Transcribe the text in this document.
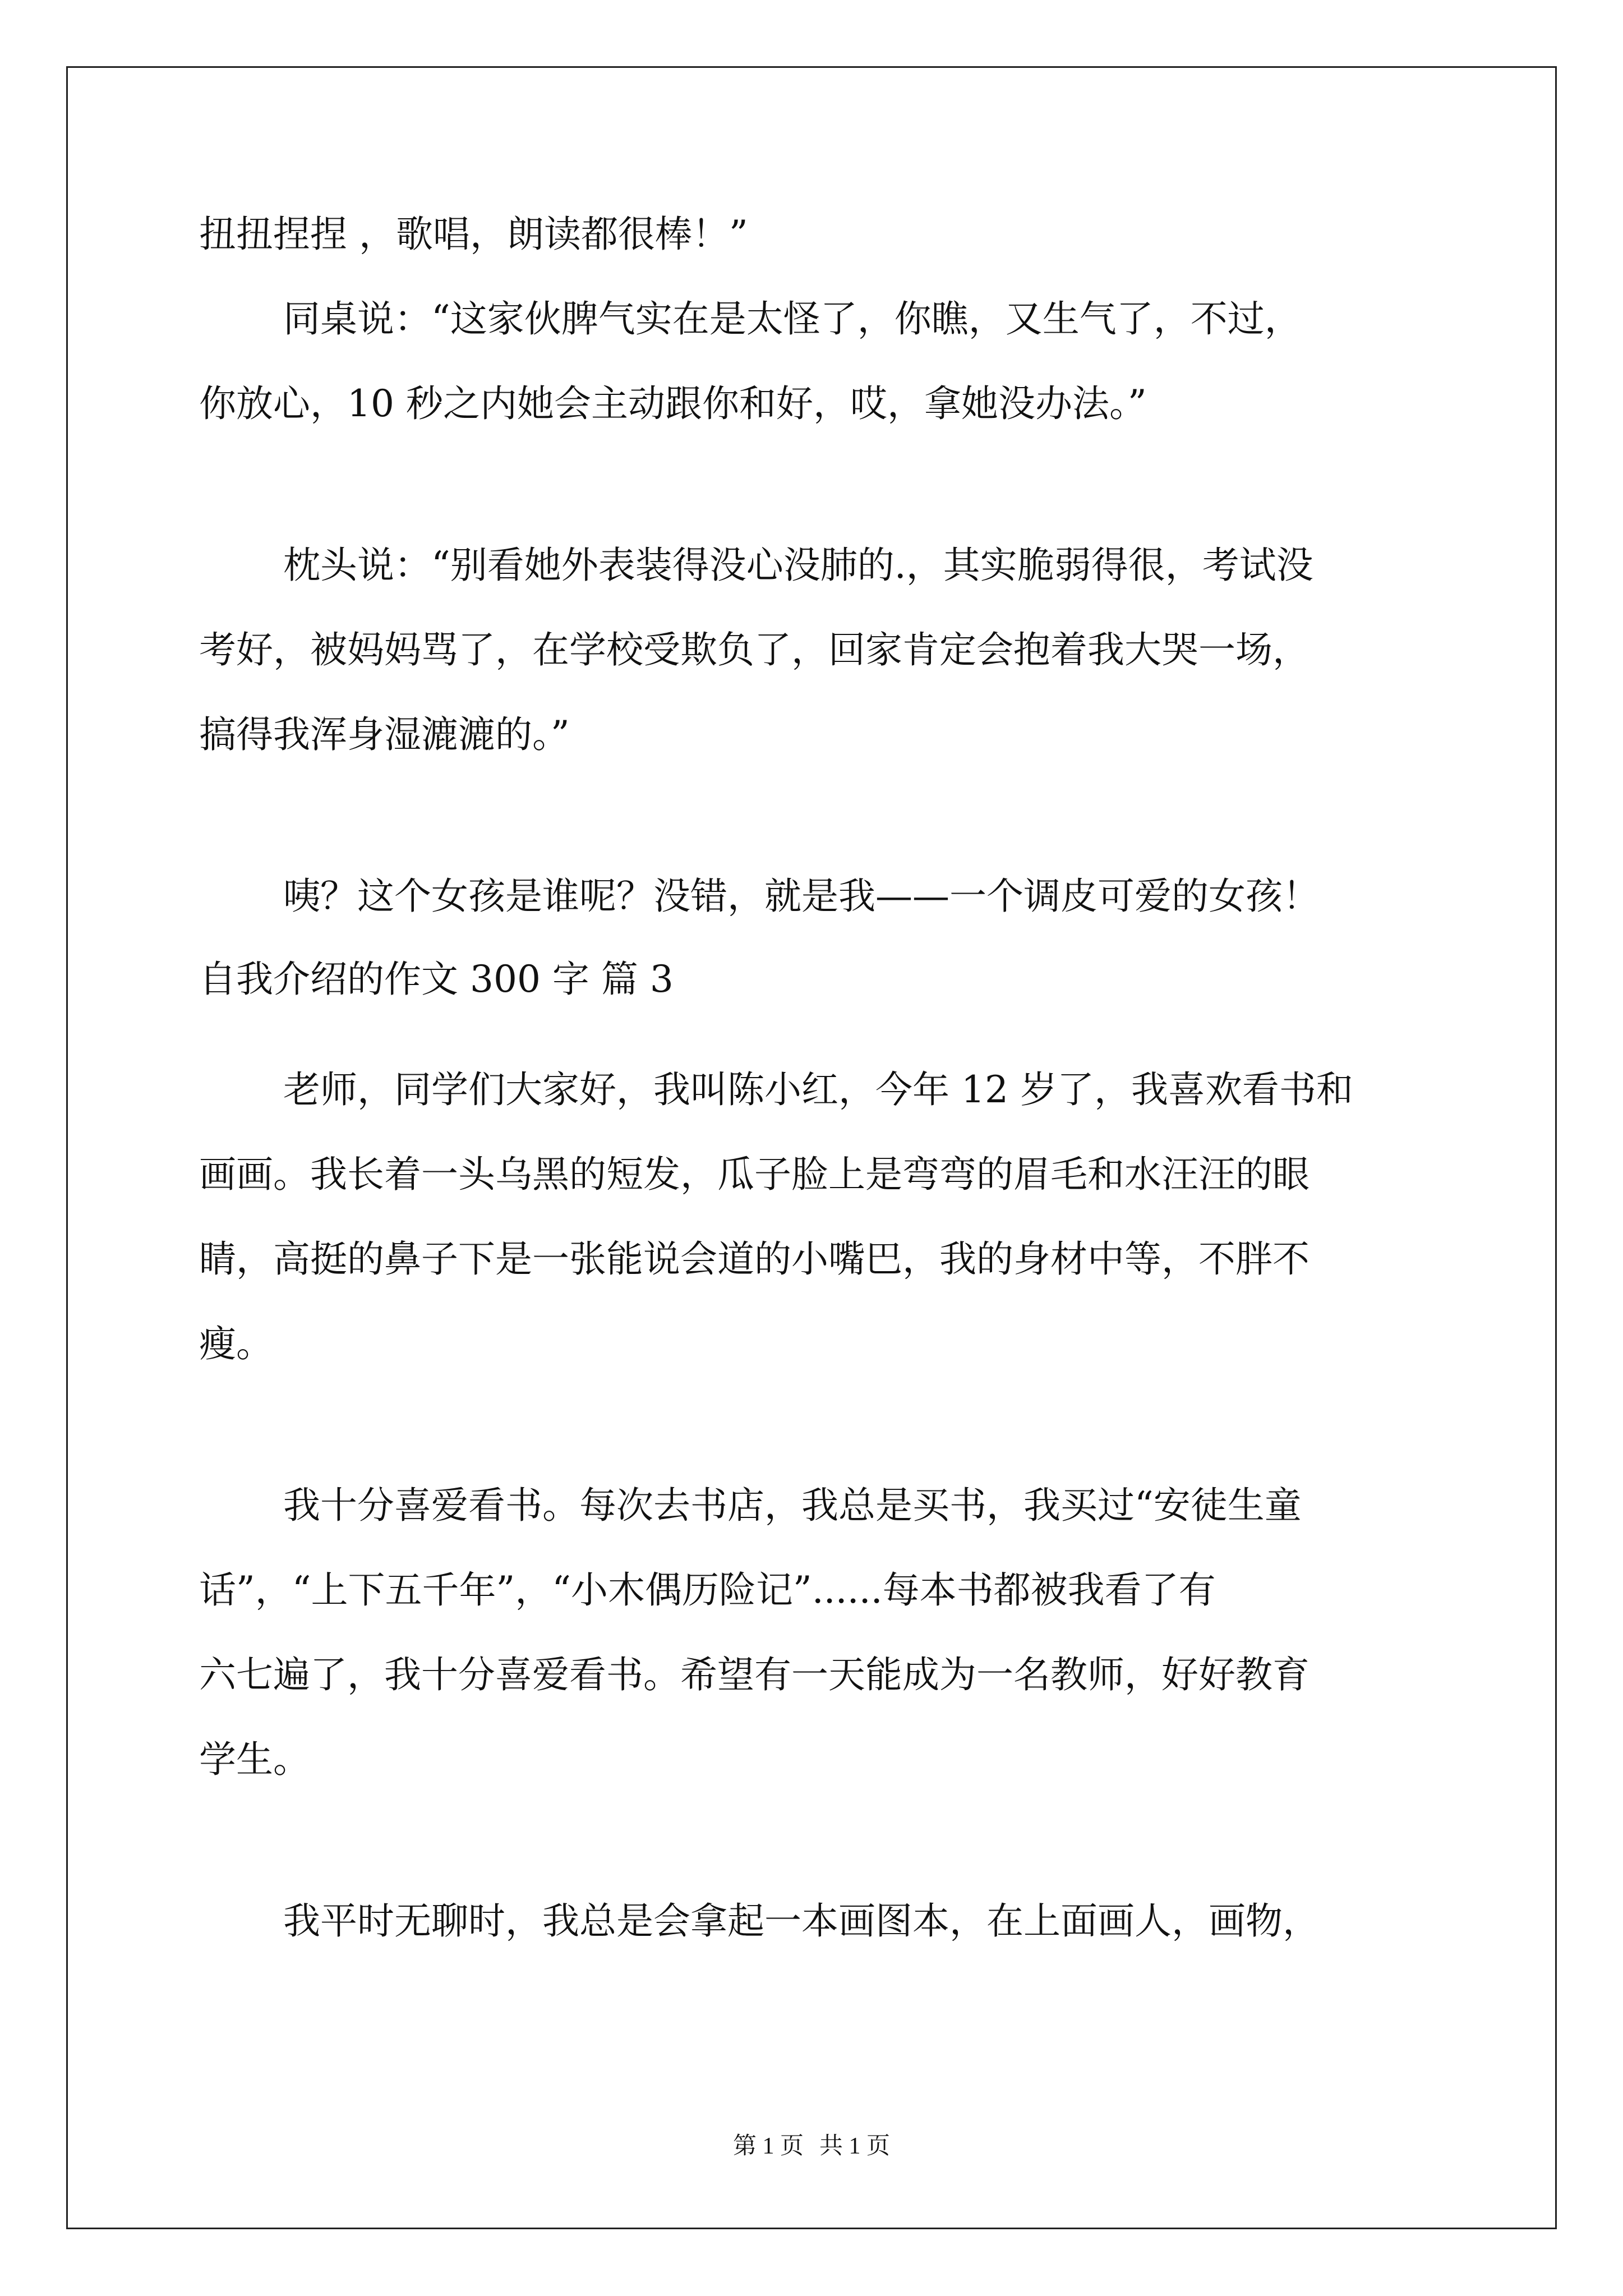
扭扭捏捏 ，歌唱，朗读都很棒！”
同桌说：“这家伙脾气实在是太怪了，你瞧，又生气了，不过，
你放心，10 秒之内她会主动跟你和好，哎，拿她没办法。”
枕头说：“别看她外表装得没心没肺的.，其实脆弱得很，考试没
考好，被妈妈骂了，在学校受欺负了，回家肯定会抱着我大哭一场，
搞得我浑身湿漉漉的。”
咦？这个女孩是谁呢？没错，就是我——一个调皮可爱的女孩！
自我介绍的作文 300 字 篇 3
老师，同学们大家好，我叫陈小红，今年 12 岁了，我喜欢看书和
画画。我长着一头乌黑的短发，瓜子脸上是弯弯的眉毛和水汪汪的眼
睛，高挺的鼻子下是一张能说会道的小嘴巴，我的身材中等，不胖不
瘦。
我十分喜爱看书。每次去书店，我总是买书，我买过“安徒生童
话”，“上下五千年”，“小木偶历险记”......每本书都被我看了有
六七遍了，我十分喜爱看书。希望有一天能成为一名教师，好好教育
学生。
我平时无聊时，我总是会拿起一本画图本，在上面画人，画物，
第 1 页 共 1 页
